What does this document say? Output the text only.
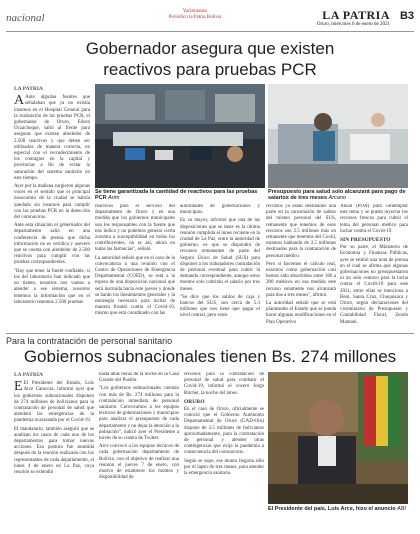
nacional
Yacimientos
Periódico la Patria Bolivia	LA PATRIA
Oruro, miércoles 6 de enero de 2021
B3
Gobernador asegura que existen reactivos para pruebas PCR
LA PATRIA

A Ante alguitas fuentes que señalaban que ya no existía insumos en el Hospital General para la realización de las pruebas PCR, el gobernador de Oruro, Edson Oczachoque, salió al frente para asegurar que existen alrededor de 2.500 reactivos y que deben ser utilizados de manera correcta, en especial con el recrudecimiento de los contagios en la capital y provincias a fin de evitar la saturación del sistema sanitario en este tiempo.

Ayer por la mañana surgieron algunas voces en el sentido que el principal nosocomio de la ciudad se habría quedado sin insumos para cumplir con las pruebas PCR en la detección del coronavirus.

Ante esta situación el gobernador del departamento salió en una conferencia de prensa que dicha información no es verídica y asevero que se cuenta con alrededor de 2.500 reactivos para cumplir con las pruebas correspondientes.

"Hay que tener la fuerte confiable, si los del laboratorio han indicado que no tienen, nosotros nos vamos a atender a ese sistema, nosotros tenemos la información que en el laboratorio tenemos 2.500 pruebas

Se tiene garantizada la cantidad de reactivos para las pruebas PCR Arim
Presupuesto para salud solo alcanzará para pago de salarios de tres meses Arcano

reactivos para el servicio del departamento de Oruro y en una medida que los gobiernos municipales son los responsables con la fuente que nos indica y no podemos generar cierta zozobra a susceptibilidad en todos los contribuyentes, no es así, ahora en todas las farmacias", señaló.

La autoridad señaló que en el caso de la convocatoria a una reunión con el Centro de Operaciones de Emergencia Departamental (COED), se está a la espera de una disposición nacional que será instruida hacia este jueves y donde se harán los lineamientos generales y la estrategia necesaria para luchar de manera frontal contra el Covid-19, mismo que está coordinado con las

autoridades de gobernaciones y municipios.

En su mayor, informó que una de las disposiciones que se tiene es la última reunión cumplida el lunes reciente en la ciudad de La Paz, entre la autoridad de gobierno, es que se dispondrá de recursos remanentes de parte del Seguro Único de Salud (SUS) para disponer a los trabajadores contratación de personal eventual para cubrir la demanda correspondiente, aunque estos montos solo cubrirán el salario por tres meses.

"Se dice que los saldos de caja y bancos del SUS, son cerca de 5.3 millones que nos tiene que pagar el nivel central, pero estos

recursos ya están destinados una parte en la cancelación de saldos del mismo personal del SUS, remanente que tenemos de esos recursos son 2.5 millones más un remanente que tenemos del Covid, estamos hablando de 3.5 millones destinados para la contratación de personal médico.

Pero si hacemos el cálculo real, nosotros como gobernación casi hemos sido absorbidos entre 180 a 200 médicos en esa medida este recurso solamente nos alcanzará para dos a tres meses", afirmó.

La autoridad señaló que se está planteando el Estado que se pueda hacer algunas modificaciones en el Plan Operativo

Anual (POA) para contemplar este tema y se pueda inyectar los recursos frescos para cubrir el tema del personal médico para luchar contra el Covid-19.

SIN PRESUPUESTO

Por su parte, el Ministerio de Economía y Finanzas Públicas, ayer se emitió una nota de prensa en el cual se afirma que algunas gobernaciones no presupuestaron ni un solo centavo para la lucha contra el Covid-19 para este 2021, entre ellas se menciona a Beni, Santa Cruz, Chuquisaca y Oruro, según declaraciones del viceministro de Presupuesto y Contabilidad Fiscal, Zenón Mamani.

Para la contratación de personal sanitario
Gobiernos subnacionales tienen Bs. 274 millones
LA PATRIA

E El Presidente del Estado, Luis Arce Catacora, informó ayer que los gobiernos subnacionales disponen de 274 millones de bolivianos para la contratación de personal de salud que atenderá las emergencias de la pandemia ocasionada por el Covid-19.

El mandatario, también aseguró que se analizan los casos de cada uno de los departamentos para tomar nuevas acciones. Esa postura fue asumida después de la reunión realizada con los representantes de cada departamento, el lunes 4 de enero en La Paz, cuya reunión se extendió

hasta altas horas de la noche en la Casa Grande del Pueblo.

"Los gobiernos subnacionales cuentan con más de Bs. 274 millones para la contratación inmediata de personal sanitario. Convocamos a los equipos técnicos de gobernaciones y municipios para analizar el presupuesto de cada departamento y no dejar la atención a la población", indicó ayer el Presidente a través de su cuenta de Twitter.

Arce convocó a los equipos técnicos de cada gobernación departamento de Bolivia, con el objetivo de realizar una reunión el jueves 7 de enero, con motivo de establecer los montos y disponibilidad de

recursos para la contratación de personal de salud para combatir el Covid-19, informó el vocero Jorge Ritcher, la noche del lunes.

ORURO

En el caso de Oruro, oficialmente se conoció que el Gobierno Autónomo Departamental de Oruro (GAD-Oru) dispone de 3.5 millones de bolivianos aproximadamente, para la contratación de personal y atender otras contingencias que exija la pandemia a consecuencia del coronavirus.

Según se supo, ese monto llegaría sólo por el lapso de tres meses, para atender la emergencia sanitaria.

El Presidente del país, Luis Arce, hizo el anuncio ABI
